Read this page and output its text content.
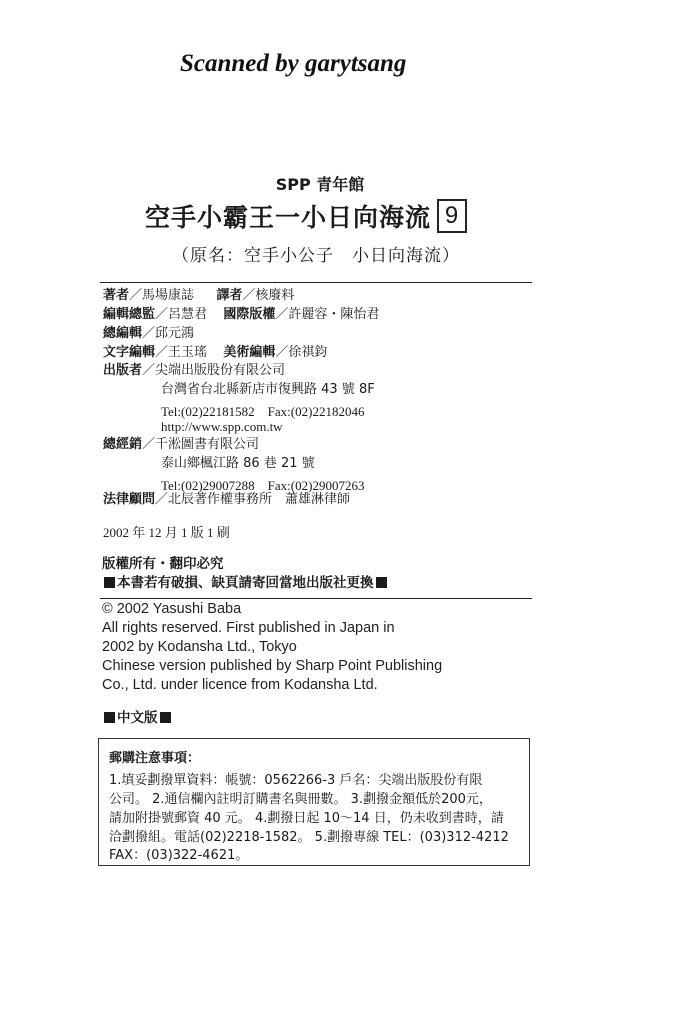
Scanned by garytsang
SPP 青年館
空手小霸王一小日向海流 9
（原名：空手小公子　小日向海流）
著者／馬場康誌 譯者／核廢料
編輯總監／呂慧君 國際版權／許麗容・陳怡君
總編輯／邱元鴻
文字編輯／王玉瑤 美術編輯／徐祺鈞
出版者／尖端出版股份有限公司
台灣省台北縣新店市復興路 43 號 8F
Tel:(02)22181582　Fax:(02)22182046
http://www.spp.com.tw
總經銷／千淞圖書有限公司
泰山鄉楓江路 86 巷 21 號
Tel:(02)29007288　Fax:(02)29007263
法律顧問／北辰著作權事務所　蕭雄淋律師
2002 年 12 月 1 版 1 刷
版權所有・翻印必究
本書若有破損、缺頁請寄回當地出版社更換
© 2002 Yasushi Baba
All rights reserved. First published in Japan in
2002 by Kodansha Ltd., Tokyo
Chinese version published by Sharp Point Publishing
Co., Ltd. under licence from Kodansha Ltd.
中文版
郵購注意事項：
1.填妥劃撥單資料：帳號：0562266-3 戶名：尖端出版股份有限
公司。 2.通信欄內註明訂購書名與冊數。 3.劃撥金額低於200元，
請加附掛號郵資 40 元。 4.劃撥日起 10～14 日，仍未收到書時，請
洽劃撥組。電話(02)2218-1582。 5.劃撥專線 TEL：(03)312-4212
FAX：(03)322-4621。
